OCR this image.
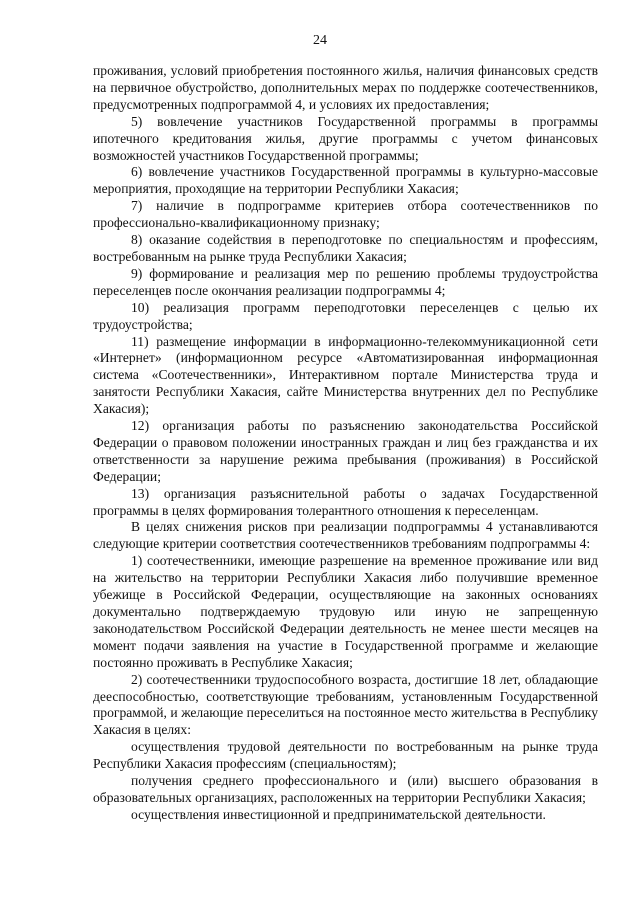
24

проживания, условий приобретения постоянного жилья, наличия финансовых средств на первичное обустройство, дополнительных мерах по поддержке соотечественников, предусмотренных подпрограммой 4, и условиях их предоставления;

5) вовлечение участников Государственной программы в программы ипотечного кредитования жилья, другие программы с учетом финансовых возможностей участников Государственной программы;

6) вовлечение участников Государственной программы в культурно-массовые мероприятия, проходящие на территории Республики Хакасия;

7) наличие в подпрограмме критериев отбора соотечественников по профессионально-квалификационному признаку;

8) оказание содействия в переподготовке по специальностям и профессиям, востребованным на рынке труда Республики Хакасия;

9) формирование и реализация мер по решению проблемы трудоустройства переселенцев после окончания реализации подпрограммы 4;

10) реализация программ переподготовки переселенцев с целью их трудоустройства;

11) размещение информации в информационно-телекоммуникационной сети «Интернет» (информационном ресурсе «Автоматизированная информационная система «Соотечественники», Интерактивном портале Министерства труда и занятости Республики Хакасия, сайте Министерства внутренних дел по Республике Хакасия);

12) организация работы по разъяснению законодательства Российской Федерации о правовом положении иностранных граждан и лиц без гражданства и их ответственности за нарушение режима пребывания (проживания) в Российской Федерации;

13) организация разъяснительной работы о задачах Государственной программы в целях формирования толерантного отношения к переселенцам.

В целях снижения рисков при реализации подпрограммы 4 устанавливаются следующие критерии соответствия соотечественников требованиям подпрограммы 4:

1) соотечественники, имеющие разрешение на временное проживание или вид на жительство на территории Республики Хакасия либо получившие временное убежище в Российской Федерации, осуществляющие на законных основаниях документально подтверждаемую трудовую или иную не запрещенную законодательством Российской Федерации деятельность не менее шести месяцев на момент подачи заявления на участие в Государственной программе и желающие постоянно проживать в Республике Хакасия;

2) соотечественники трудоспособного возраста, достигшие 18 лет, обладающие дееспособностью, соответствующие требованиям, установленным Государственной программой, и желающие переселиться на постоянное место жительства в Республику Хакасия в целях:

осуществления трудовой деятельности по востребованным на рынке труда Республики Хакасия профессиям (специальностям);

получения среднего профессионального и (или) высшего образования в образовательных организациях, расположенных на территории Республики Хакасия;

осуществления инвестиционной и предпринимательской деятельности.
